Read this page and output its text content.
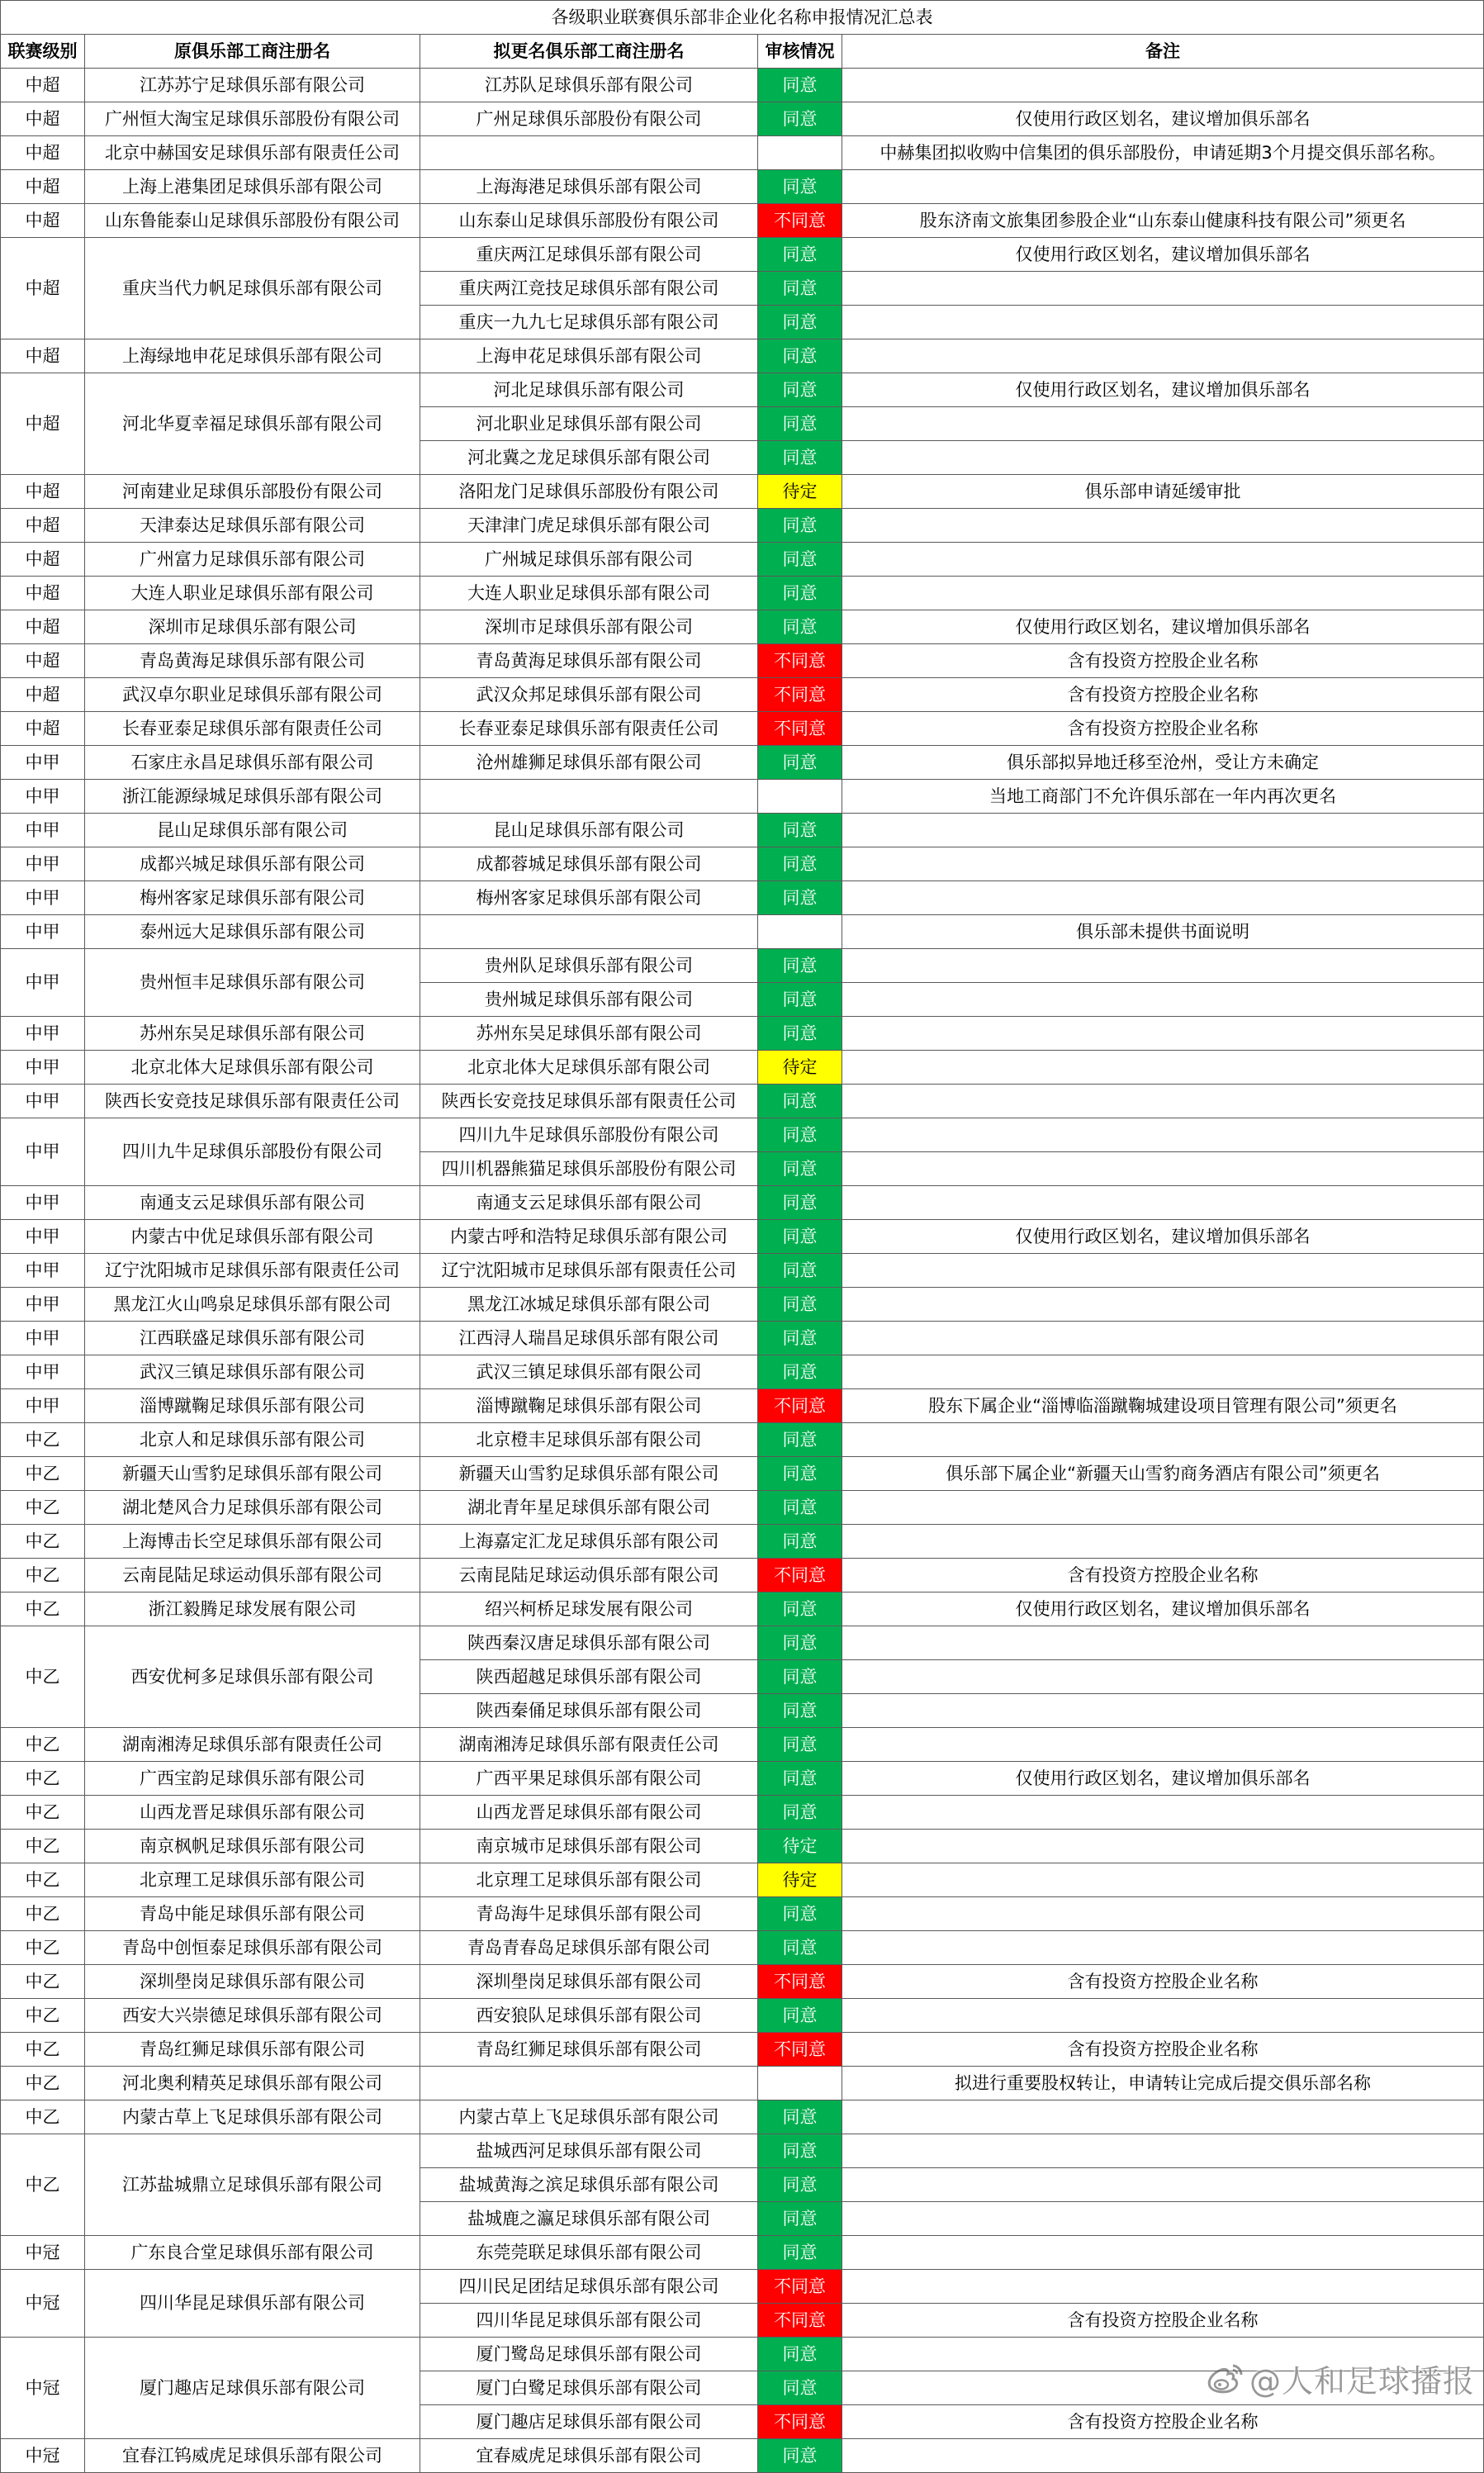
各级职业联赛俱乐部非企业化名称申报情况汇总表				
联赛级别	原俱乐部工商注册名	拟更名俱乐部工商注册名	审核情况	备注
中超	江苏苏宁足球俱乐部有限公司	江苏队足球俱乐部有限公司	同意	
中超	广州恒大淘宝足球俱乐部股份有限公司	广州足球俱乐部股份有限公司	同意	仅使用行政区划名，建议增加俱乐部名
中超	北京中赫国安足球俱乐部有限责任公司			中赫集团拟收购中信集团的俱乐部股份，申请延期3个月提交俱乐部名称。
中超	上海上港集团足球俱乐部有限公司	上海海港足球俱乐部有限公司	同意	
中超	山东鲁能泰山足球俱乐部股份有限公司	山东泰山足球俱乐部股份有限公司	不同意	股东济南文旅集团参股企业“山东泰山健康科技有限公司”须更名
中超	重庆当代力帆足球俱乐部有限公司	重庆两江足球俱乐部有限公司	同意	仅使用行政区划名，建议增加俱乐部名
		重庆两江竞技足球俱乐部有限公司	同意	
		重庆一九九七足球俱乐部有限公司	同意	
中超	上海绿地申花足球俱乐部有限公司	上海申花足球俱乐部有限公司	同意	
中超	河北华夏幸福足球俱乐部有限公司	河北足球俱乐部有限公司	同意	仅使用行政区划名，建议增加俱乐部名
		河北职业足球俱乐部有限公司	同意	
		河北冀之龙足球俱乐部有限公司	同意	
中超	河南建业足球俱乐部股份有限公司	洛阳龙门足球俱乐部股份有限公司	待定	俱乐部申请延缓审批
中超	天津泰达足球俱乐部有限公司	天津津门虎足球俱乐部有限公司	同意	
中超	广州富力足球俱乐部有限公司	广州城足球俱乐部有限公司	同意	
中超	大连人职业足球俱乐部有限公司	大连人职业足球俱乐部有限公司	同意	
中超	深圳市足球俱乐部有限公司	深圳市足球俱乐部有限公司	同意	仅使用行政区划名，建议增加俱乐部名
中超	青岛黄海足球俱乐部有限公司	青岛黄海足球俱乐部有限公司	不同意	含有投资方控股企业名称
中超	武汉卓尔职业足球俱乐部有限公司	武汉众邦足球俱乐部有限公司	不同意	含有投资方控股企业名称
中超	长春亚泰足球俱乐部有限责任公司	长春亚泰足球俱乐部有限责任公司	不同意	含有投资方控股企业名称
中甲	石家庄永昌足球俱乐部有限公司	沧州雄狮足球俱乐部有限公司	同意	俱乐部拟异地迁移至沧州，受让方未确定
中甲	浙江能源绿城足球俱乐部有限公司			当地工商部门不允许俱乐部在一年内再次更名
中甲	昆山足球俱乐部有限公司	昆山足球俱乐部有限公司	同意	
中甲	成都兴城足球俱乐部有限公司	成都蓉城足球俱乐部有限公司	同意	
中甲	梅州客家足球俱乐部有限公司	梅州客家足球俱乐部有限公司	同意	
中甲	泰州远大足球俱乐部有限公司			俱乐部未提供书面说明
中甲	贵州恒丰足球俱乐部有限公司	贵州队足球俱乐部有限公司	同意	
		贵州城足球俱乐部有限公司	同意	
中甲	苏州东吴足球俱乐部有限公司	苏州东吴足球俱乐部有限公司	同意	
中甲	北京北体大足球俱乐部有限公司	北京北体大足球俱乐部有限公司	待定	
中甲	陕西长安竞技足球俱乐部有限责任公司	陕西长安竞技足球俱乐部有限责任公司	同意	
中甲	四川九牛足球俱乐部股份有限公司	四川九牛足球俱乐部股份有限公司	同意	
		四川机器熊猫足球俱乐部股份有限公司	同意	
中甲	南通支云足球俱乐部有限公司	南通支云足球俱乐部有限公司	同意	
中甲	内蒙古中优足球俱乐部有限公司	内蒙古呼和浩特足球俱乐部有限公司	同意	仅使用行政区划名，建议增加俱乐部名
中甲	辽宁沈阳城市足球俱乐部有限责任公司	辽宁沈阳城市足球俱乐部有限责任公司	同意	
中甲	黑龙江火山鸣泉足球俱乐部有限公司	黑龙江冰城足球俱乐部有限公司	同意	
中甲	江西联盛足球俱乐部有限公司	江西浔人瑞昌足球俱乐部有限公司	同意	
中甲	武汉三镇足球俱乐部有限公司	武汉三镇足球俱乐部有限公司	同意	
中甲	淄博蹴鞠足球俱乐部有限公司	淄博蹴鞠足球俱乐部有限公司	不同意	股东下属企业“淄博临淄蹴鞠城建设项目管理有限公司”须更名
中乙	北京人和足球俱乐部有限公司	北京橙丰足球俱乐部有限公司	同意	
中乙	新疆天山雪豹足球俱乐部有限公司	新疆天山雪豹足球俱乐部有限公司	同意	俱乐部下属企业“新疆天山雪豹商务酒店有限公司”须更名
中乙	湖北楚风合力足球俱乐部有限公司	湖北青年星足球俱乐部有限公司	同意	
中乙	上海博击长空足球俱乐部有限公司	上海嘉定汇龙足球俱乐部有限公司	同意	
中乙	云南昆陆足球运动俱乐部有限公司	云南昆陆足球运动俱乐部有限公司	不同意	含有投资方控股企业名称
中乙	浙江毅腾足球发展有限公司	绍兴柯桥足球发展有限公司	同意	仅使用行政区划名，建议增加俱乐部名
中乙	西安优柯多足球俱乐部有限公司	陕西秦汉唐足球俱乐部有限公司	同意	
		陕西超越足球俱乐部有限公司	同意	
		陕西秦俑足球俱乐部有限公司	同意	
中乙	湖南湘涛足球俱乐部有限责任公司	湖南湘涛足球俱乐部有限责任公司	同意	
中乙	广西宝韵足球俱乐部有限公司	广西平果足球俱乐部有限公司	同意	仅使用行政区划名，建议增加俱乐部名
中乙	山西龙晋足球俱乐部有限公司	山西龙晋足球俱乐部有限公司	同意	
中乙	南京枫帆足球俱乐部有限公司	南京城市足球俱乐部有限公司	待定	
中乙	北京理工足球俱乐部有限公司	北京理工足球俱乐部有限公司	待定	
中乙	青岛中能足球俱乐部有限公司	青岛海牛足球俱乐部有限公司	同意	
中乙	青岛中创恒泰足球俱乐部有限公司	青岛青春岛足球俱乐部有限公司	同意	
中乙	深圳壆岗足球俱乐部有限公司	深圳壆岗足球俱乐部有限公司	不同意	含有投资方控股企业名称
中乙	西安大兴崇德足球俱乐部有限公司	西安狼队足球俱乐部有限公司	同意	
中乙	青岛红狮足球俱乐部有限公司	青岛红狮足球俱乐部有限公司	不同意	含有投资方控股企业名称
中乙	河北奥利精英足球俱乐部有限公司			拟进行重要股权转让，申请转让完成后提交俱乐部名称
中乙	内蒙古草上飞足球俱乐部有限公司	内蒙古草上飞足球俱乐部有限公司	同意	
中乙	江苏盐城鼎立足球俱乐部有限公司	盐城西河足球俱乐部有限公司	同意	
		盐城黄海之滨足球俱乐部有限公司	同意	
		盐城鹿之瀛足球俱乐部有限公司	同意	
中冠	广东良合堂足球俱乐部有限公司	东莞莞联足球俱乐部有限公司	同意	
中冠	四川华昆足球俱乐部有限公司	四川民足团结足球俱乐部有限公司	不同意	
		四川华昆足球俱乐部有限公司	不同意	含有投资方控股企业名称
中冠	厦门趣店足球俱乐部有限公司	厦门鹭岛足球俱乐部有限公司	同意	
		厦门白鹭足球俱乐部有限公司	同意	
		厦门趣店足球俱乐部有限公司	不同意	含有投资方控股企业名称
中冠	宜春江钨威虎足球俱乐部有限公司	宜春威虎足球俱乐部有限公司	同意	
@人和足球播报
